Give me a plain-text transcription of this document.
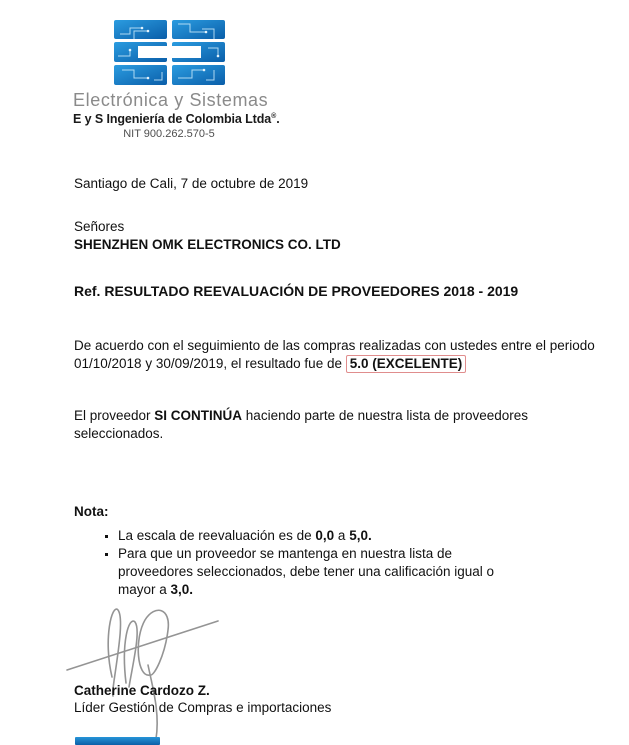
Electrónica y Sistemas
E y S Ingeniería de Colombia Ltda®.
NIT 900.262.570-5
Santiago de Cali, 7 de octubre de 2019
Señores
SHENZHEN OMK ELECTRONICS CO. LTD
Ref. RESULTADO REEVALUACIÓN DE PROVEEDORES 2018 - 2019

De acuerdo con el seguimiento de las compras realizadas con ustedes entre el periodo 01/10/2018 y 30/09/2019, el resultado fue de 5.0 (EXCELENTE)

El proveedor SI CONTINÚA haciendo parte de nuestra lista de proveedores seleccionados.

Nota:
▪ La escala de reevaluación es de 0,0 a 5,0.
▪ Para que un proveedor se mantenga en nuestra lista de proveedores seleccionados, debe tener una calificación igual o mayor a 3,0.
Catherine Cardozo Z.
Líder Gestión de Compras e importaciones
